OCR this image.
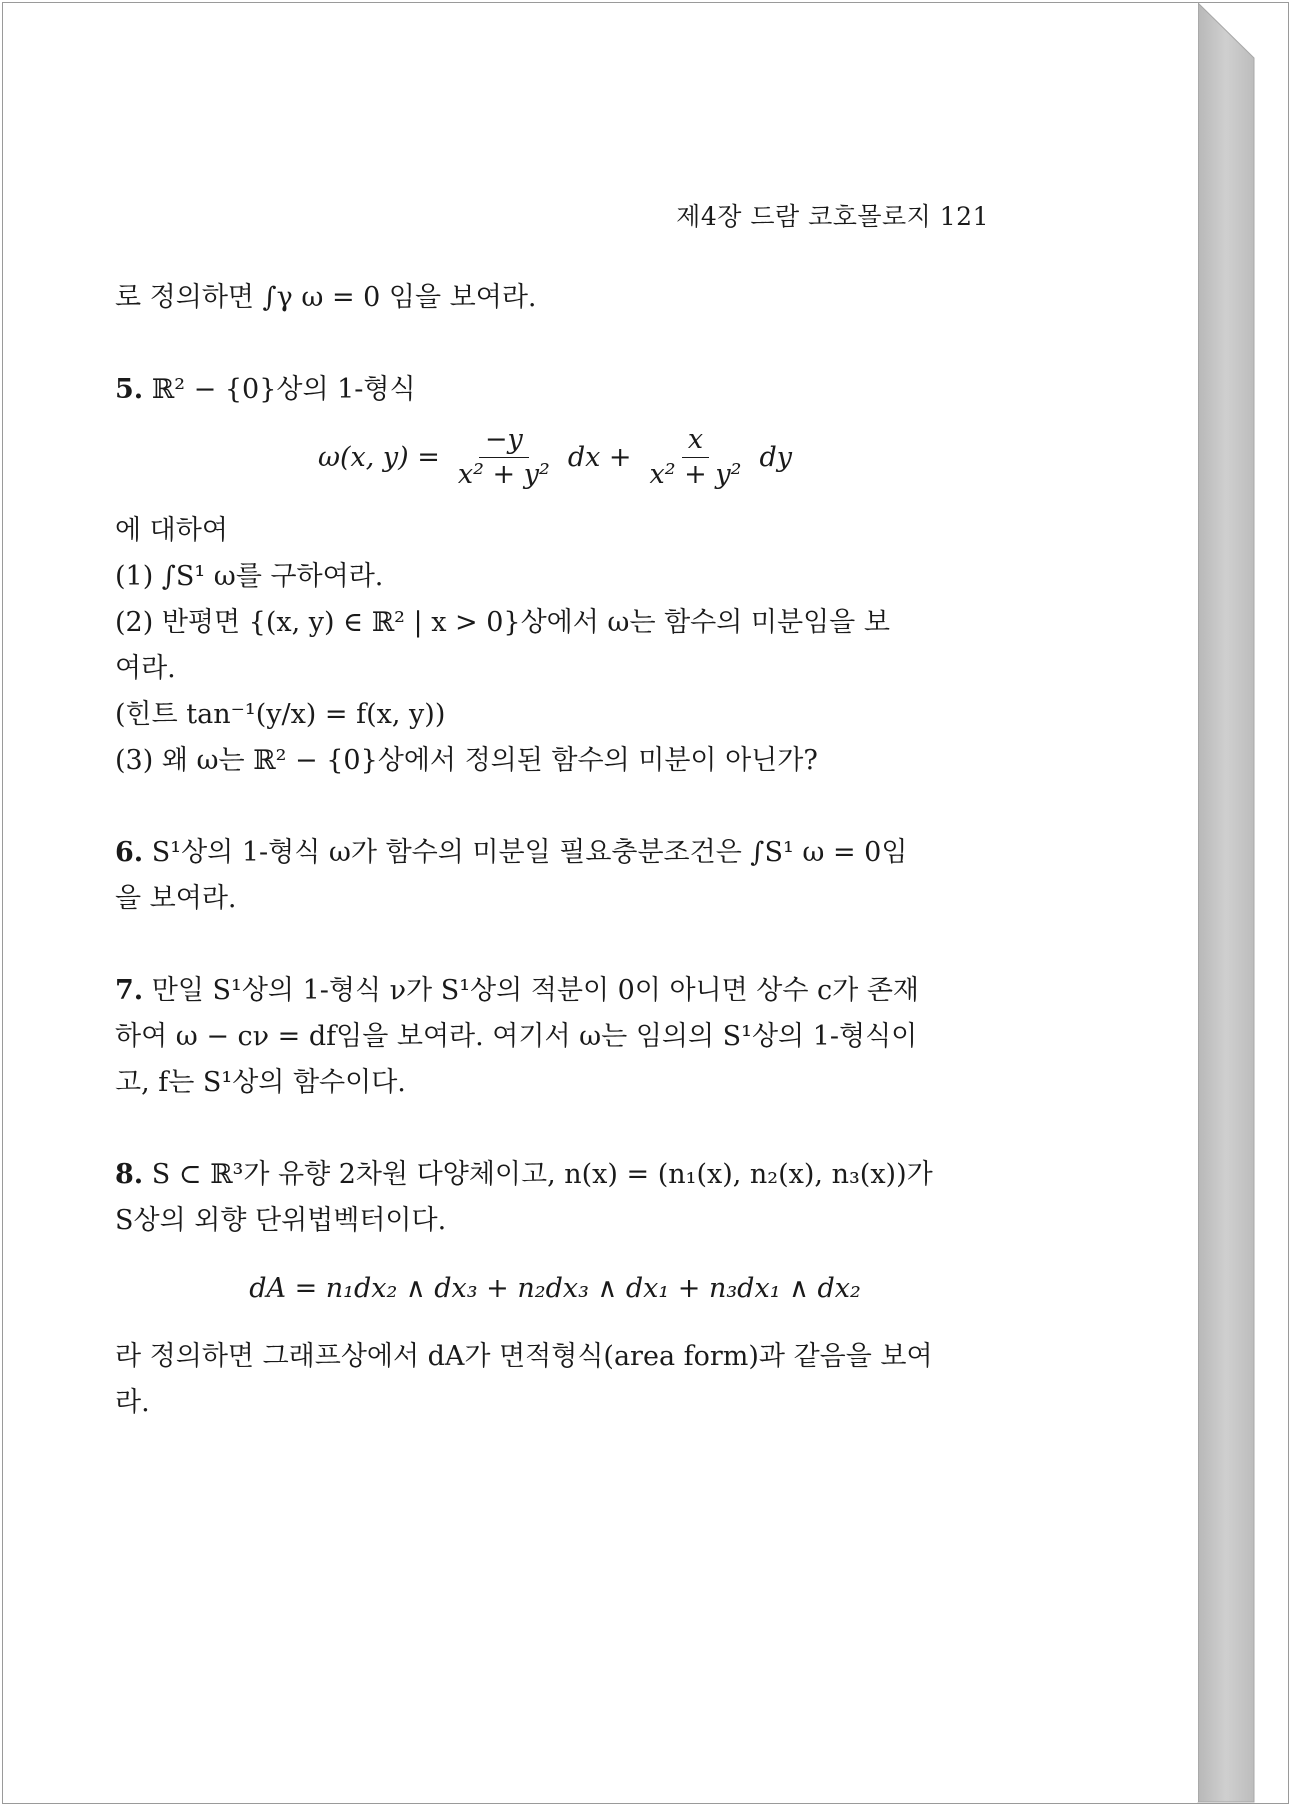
제4장 드람 코호몰로지 121

로 정의하면 ∫γ ω = 0 임을 보여라.

5. ℝ² − {0}상의 1-형식

ω(x, $y) = \frac{-y}{\text{x² + y²}}$ dx + $\frac{x}{\text{x² + y²}}$ dy

에 대하여

(1) ∫S¹ ω를 구하여라.

(2) 반평면 {(x, y) ∈ ℝ² | x > 0}상에서 ω는 함수의 미분임을 보

여라.

(힌트 tan⁻¹(y/x) = f(x, y))

(3) 왜 ω는 ℝ² − {0}상에서 정의된 함수의 미분이 아닌가?

6. S¹상의 1-형식 ω가 함수의 미분일 필요충분조건은 ∫S¹ ω = 0임

을 보여라.

7. 만일 S¹상의 1-형식 ν가 S¹상의 적분이 0이 아니면 상수 c가 존재

하여 ω − cν = df임을 보여라. 여기서 ω는 임의의 S¹상의 1-형식이

고, f는 S¹상의 함수이다.

8. S ⊂ ℝ³가 유향 2차원 다양체이고, n(x) = (n₁(x), n₂(x), n₃(x))가

S상의 외향 단위법벡터이다.

dA = n₁dx₂ ∧ dx₃ + n₂dx₃ ∧ dx₁ + n₃dx₁ ∧ dx₂

라 정의하면 그래프상에서 dA가 면적형식(area form)과 같음을 보여

라.
